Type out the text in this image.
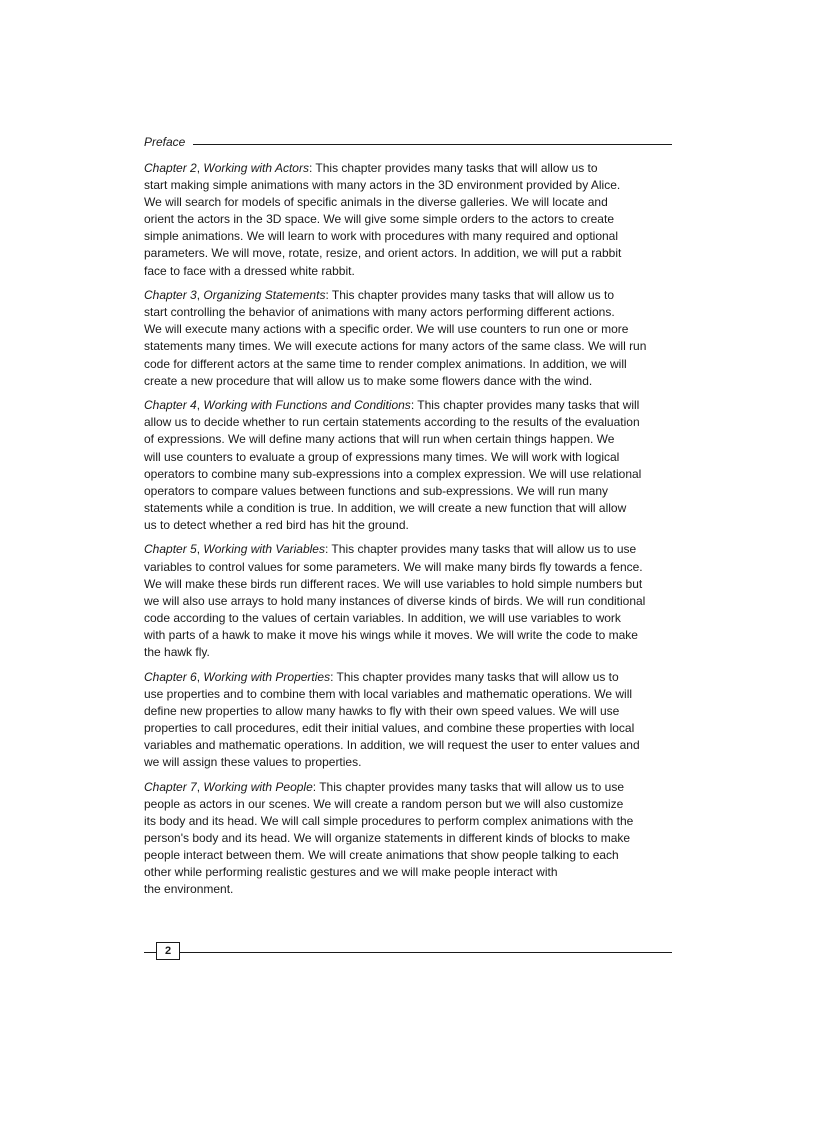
Preface

Chapter 2, Working with Actors: This chapter provides many tasks that will allow us to
start making simple animations with many actors in the 3D environment provided by Alice.
We will search for models of specific animals in the diverse galleries. We will locate and
orient the actors in the 3D space. We will give some simple orders to the actors to create
simple animations. We will learn to work with procedures with many required and optional
parameters. We will move, rotate, resize, and orient actors. In addition, we will put a rabbit
face to face with a dressed white rabbit.

Chapter 3, Organizing Statements: This chapter provides many tasks that will allow us to
start controlling the behavior of animations with many actors performing different actions.
We will execute many actions with a specific order. We will use counters to run one or more
statements many times. We will execute actions for many actors of the same class. We will run
code for different actors at the same time to render complex animations. In addition, we will
create a new procedure that will allow us to make some flowers dance with the wind.

Chapter 4, Working with Functions and Conditions: This chapter provides many tasks that will
allow us to decide whether to run certain statements according to the results of the evaluation
of expressions. We will define many actions that will run when certain things happen. We
will use counters to evaluate a group of expressions many times. We will work with logical
operators to combine many sub-expressions into a complex expression. We will use relational
operators to compare values between functions and sub-expressions. We will run many
statements while a condition is true. In addition, we will create a new function that will allow
us to detect whether a red bird has hit the ground.

Chapter 5, Working with Variables: This chapter provides many tasks that will allow us to use
variables to control values for some parameters. We will make many birds fly towards a fence.
We will make these birds run different races. We will use variables to hold simple numbers but
we will also use arrays to hold many instances of diverse kinds of birds. We will run conditional
code according to the values of certain variables. In addition, we will use variables to work
with parts of a hawk to make it move his wings while it moves. We will write the code to make
the hawk fly.

Chapter 6, Working with Properties: This chapter provides many tasks that will allow us to
use properties and to combine them with local variables and mathematic operations. We will
define new properties to allow many hawks to fly with their own speed values. We will use
properties to call procedures, edit their initial values, and combine these properties with local
variables and mathematic operations. In addition, we will request the user to enter values and
we will assign these values to properties.

Chapter 7, Working with People: This chapter provides many tasks that will allow us to use
people as actors in our scenes. We will create a random person but we will also customize
its body and its head. We will call simple procedures to perform complex animations with the
person's body and its head. We will organize statements in different kinds of blocks to make
people interact between them. We will create animations that show people talking to each
other while performing realistic gestures and we will make people interact with
the environment.

2
